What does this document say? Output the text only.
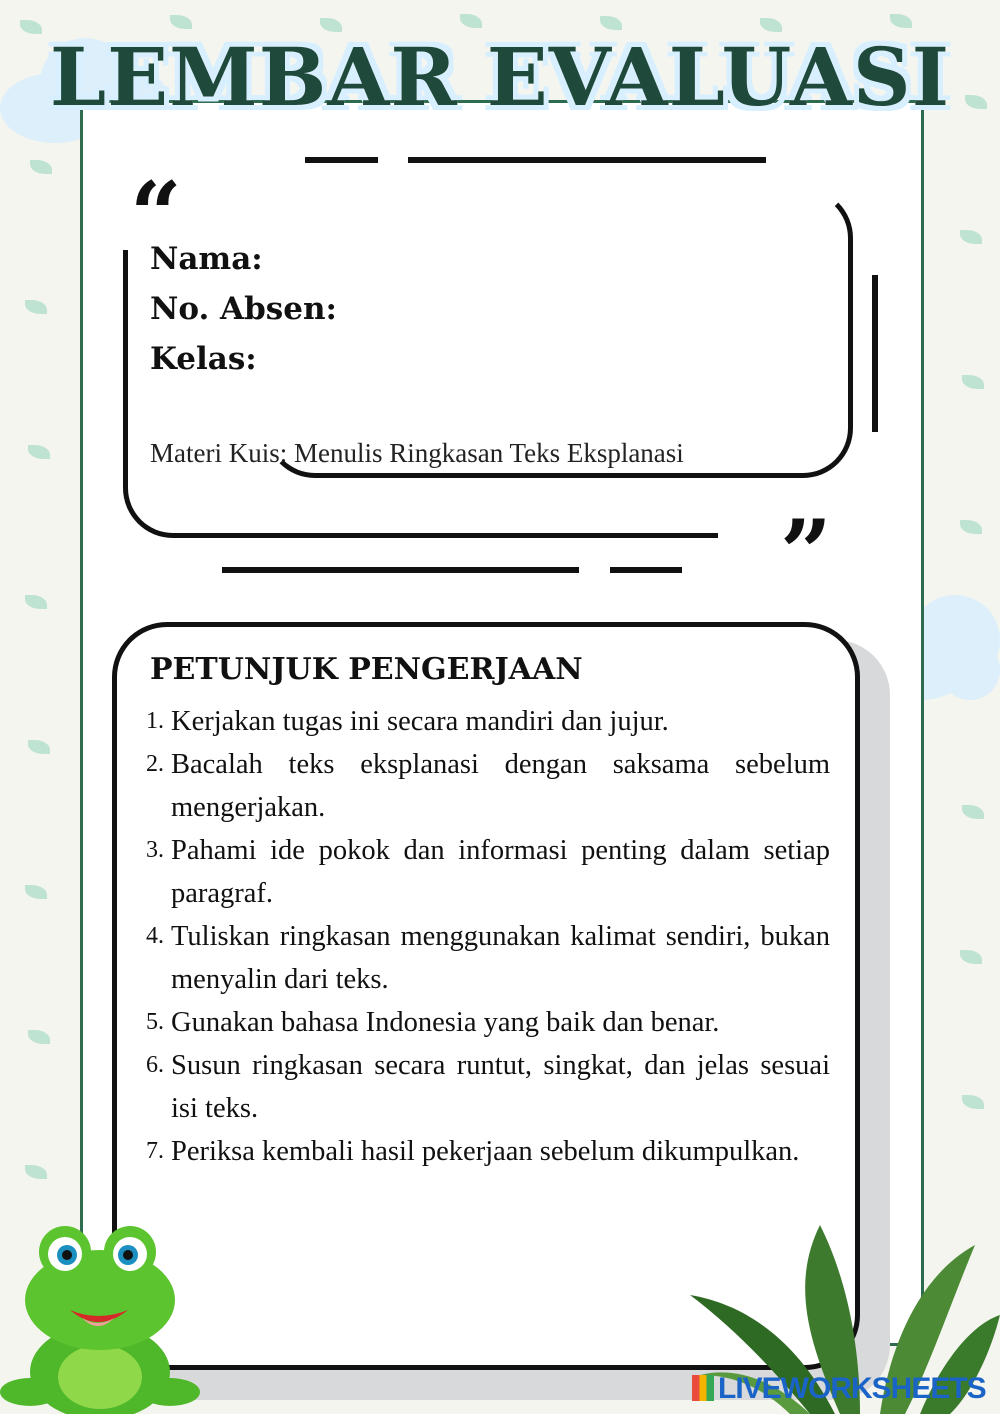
LEMBAR EVALUASI
“
”
Nama:
No. Absen:
Kelas:
Materi Kuis: Menulis Ringkasan Teks Eksplanasi
PETUNJUK PENGERJAAN
1. Kerjakan tugas ini secara mandiri dan jujur.
2. Bacalah teks eksplanasi dengan saksama sebelum mengerjakan.
3. Pahami ide pokok dan informasi penting dalam setiap paragraf.
4. Tuliskan ringkasan menggunakan kalimat sendiri, bukan menyalin dari teks.
5. Gunakan bahasa Indonesia yang baik dan benar.
6. Susun ringkasan secara runtut, singkat, dan jelas sesuai isi teks.
7. Periksa kembali hasil pekerjaan sebelum dikumpulkan.
LIVEWORKSHEETS
